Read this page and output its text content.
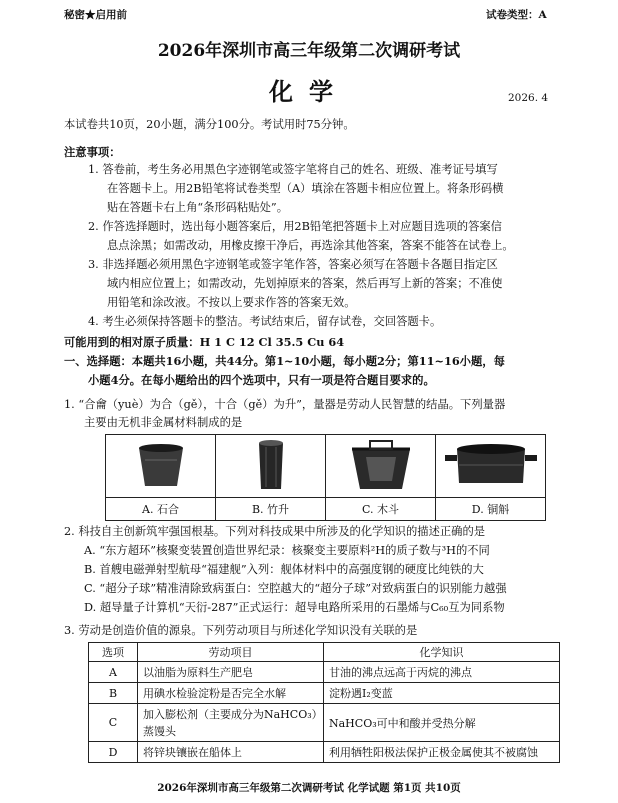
秘密★启用前	试卷类型：A
2026年深圳市高三年级第二次调研考试
化学	2026. 4
本试卷共10页，20小题，满分100分。考试用时75分钟。
注意事项：
1. 答卷前，考生务必用黑色字迹钢笔或签字笔将自己的姓名、班级、准考证号填写
在答题卡上。用2B铅笔将试卷类型（A）填涂在答题卡相应位置上。将条形码横
贴在答题卡右上角“条形码粘贴处”。
2. 作答选择题时，选出每小题答案后，用2B铅笔把答题卡上对应题目选项的答案信
息点涂黑；如需改动，用橡皮擦干净后，再选涂其他答案，答案不能答在试卷上。
3. 非选择题必须用黑色字迹钢笔或签字笔作答，答案必须写在答题卡各题目指定区
域内相应位置上；如需改动，先划掉原来的答案，然后再写上新的答案；不准使
用铅笔和涂改液。不按以上要求作答的答案无效。
4. 考生必须保持答题卡的整洁。考试结束后，留存试卷，交回答题卡。
可能用到的相对原子质量：H 1 C 12 Cl 35.5 Cu 64
一、选择题：本题共16小题，共44分。第1~10小题，每小题2分；第11~16小题，每
小题4分。在每小题给出的四个选项中，只有一项是符合题目要求的。
1. “合龠（yuè）为合（gě），十合（gě）为升”，量器是劳动人民智慧的结晶。下列量器
主要由无机非金属材料制成的是

A. 石合	B. 竹升	C. 木斗	D. 铜斛
2. 科技自主创新筑牢强国根基。下列对科技成果中所涉及的化学知识的描述正确的是
A. “东方超环”核聚变装置创造世界纪录：核聚变主要原料²H的质子数与³H的不同
B. 首艘电磁弹射型航母“福建舰”入列：舰体材料中的高强度钢的硬度比纯铁的大
C. “超分子球”精准清除致病蛋白：空腔越大的“超分子球”对致病蛋白的识别能力越强
D. 超导量子计算机“天衍-287”正式运行：超导电路所采用的石墨烯与C₆₀互为同系物
3. 劳动是创造价值的源泉。下列劳动项目与所述化学知识没有关联的是
选项	劳动项目	化学知识
A	以油脂为原料生产肥皂	甘油的沸点远高于丙烷的沸点
B	用碘水检验淀粉是否完全水解	淀粉遇I₂变蓝
C	加入膨松剂（主要成分为NaHCO₃）蒸馒头	NaHCO₃可中和酸并受热分解
D	将锌块镶嵌在船体上	利用牺牲阳极法保护正极金属使其不被腐蚀
2026年深圳市高三年级第二次调研考试 化学试题 第1页 共10页
